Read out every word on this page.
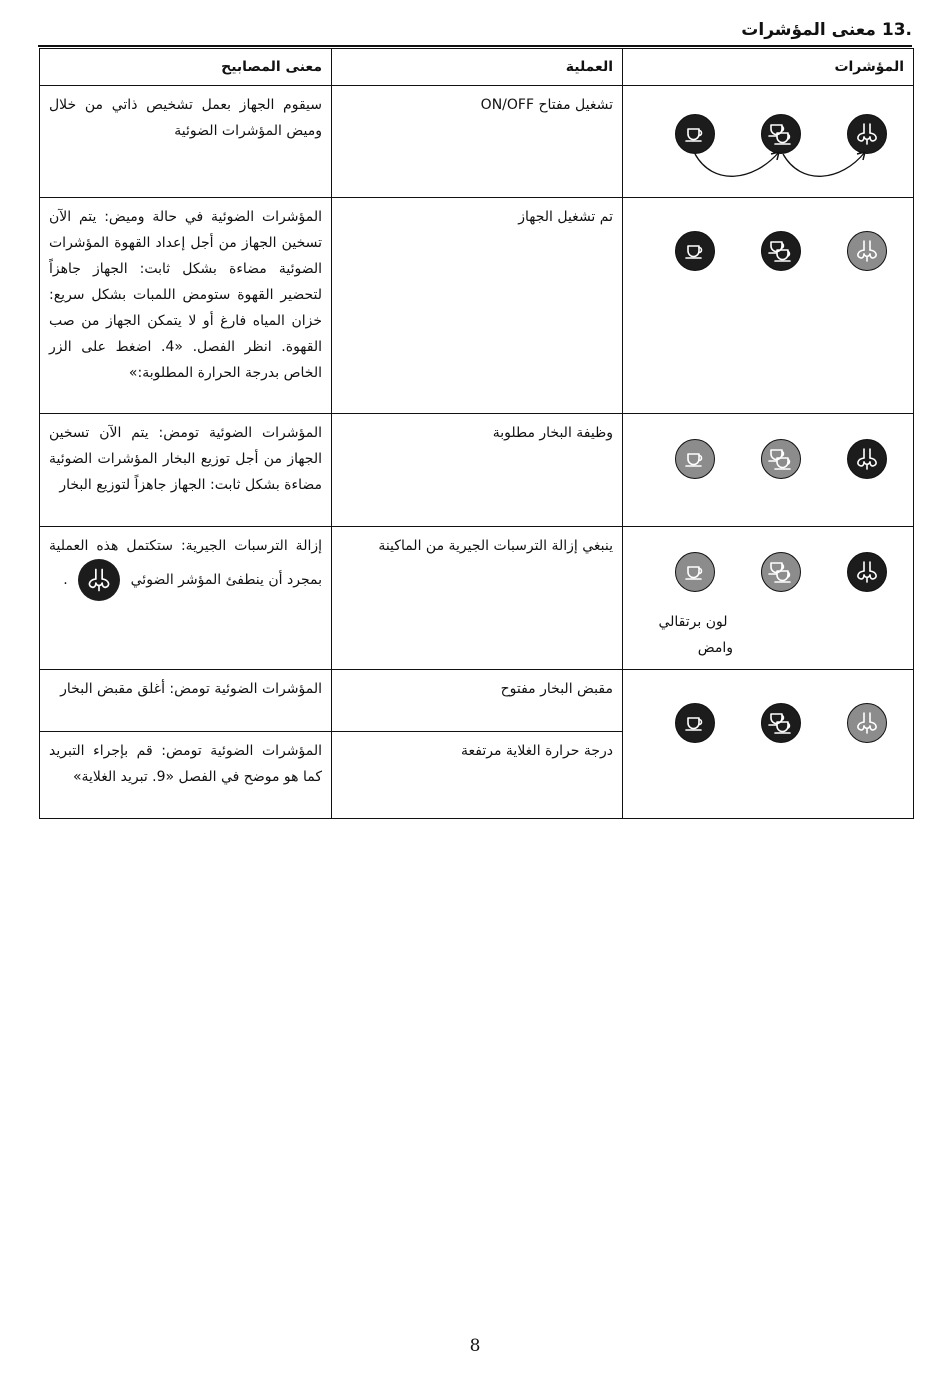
.13 معنى المؤشرات
المؤشرات	العملية	معنى المصابيح

	تشغيل مفتاح ON/OFF	سيقوم الجهاز بعمل تشخيص ذاتي من خلال وميض المؤشرات الضوئية

	تم تشغيل الجهاز	المؤشرات الضوئية في حالة وميض: يتم الآن تسخين الجهاز من أجل إعداد القهوة المؤشرات الضوئية مضاءة بشكل ثابت: الجهاز جاهزاً لتحضير القهوة ستومض اللمبات بشكل سريع: خزان المياه فارغ أو لا يتمكن الجهاز من صب القهوة. انظر الفصل. «4. اضغط على الزر الخاص بدرجة الحرارة المطلوبة:»

	وظيفة البخار مطلوبة	المؤشرات الضوئية تومض: يتم الآن تسخين الجهاز من أجل توزيع البخار المؤشرات الضوئية مضاءة بشكل ثابت: الجهاز جاهزاً لتوزيع البخار

لون برتقالي وامض	ينبغي إزالة الترسبات الجيرية من الماكينة	إزالة الترسبات الجيرية: ستكتمل هذه العملية بمجرد أن ينطفئ المؤشر الضوئي
.

	مقبض البخار مفتوح	المؤشرات الضوئية تومض: أغلق مقبض البخار
	درجة حرارة الغلاية مرتفعة	المؤشرات الضوئية تومض: قم بإجراء التبريد كما هو موضح في الفصل «9. تبريد الغلاية»
8
